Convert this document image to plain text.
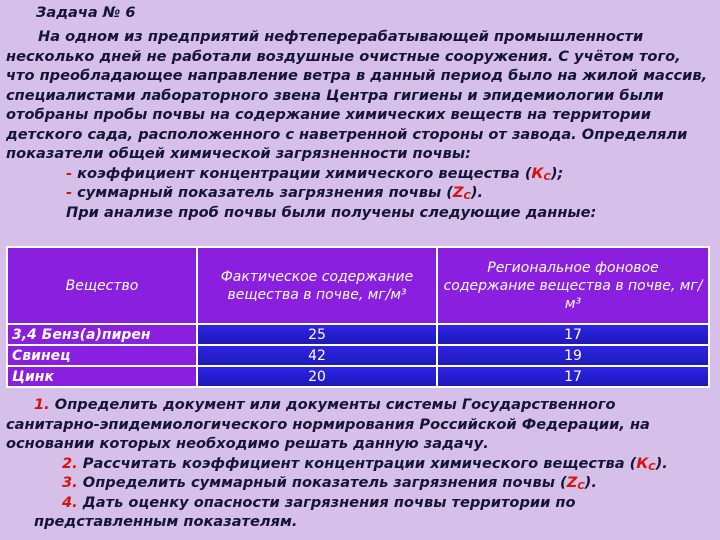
Задача № 6
На одном из предприятий нефтеперерабатывающей промышленности несколько дней не работали воздушные очистные сооружения. С учётом того, что преобладающее направление ветра в данный период было на жилой массив, специалистами лабораторного звена Центра гигиены и эпидемиологии были отобраны пробы почвы на содержание химических веществ на территории детского сада, расположенного с наветренной стороны от завода. Определяли показатели общей химической загрязненности почвы:
- коэффициент концентрации химического вещества $(К_С)$;
- суммарный показатель загрязнения почвы $(Z_С)$.
При анализе проб почвы были получены следующие данные:
Вещество	Фактическое содержание вещества в почве, мг/м³	Региональное фоновое содержание вещества в почве, мг/м³
3,4 Бенз(а)пирен	25	17
Свинец	42	19
Цинк	20	17
1. Определить документ или документы системы Государственного санитарно-эпидемиологического нормирования Российской Федерации, на основании которых необходимо решать данную задачу.
2. Рассчитать коэффициент концентрации химического вещества $(К_С)$.
3. Определить суммарный показатель загрязнения почвы $(Z_С)$.
4. Дать оценку опасности загрязнения почвы территории по представленным показателям.
